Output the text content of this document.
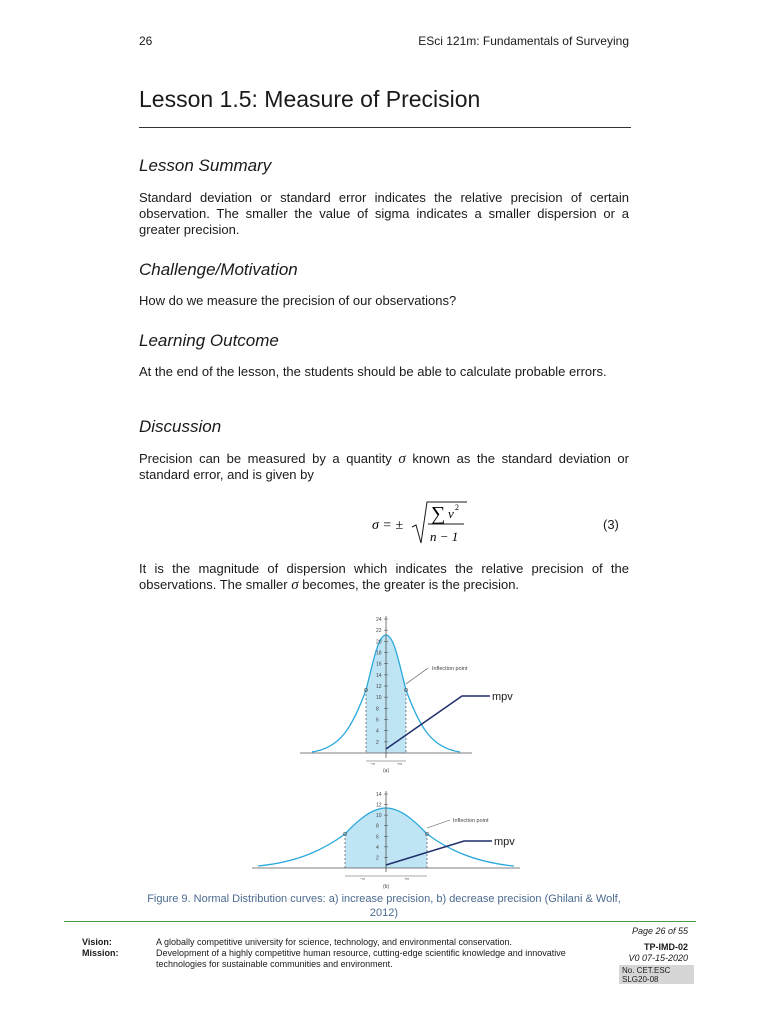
26	ESci 121m: Fundamentals of Surveying
Lesson 1.5: Measure of Precision
Lesson Summary
Standard deviation or standard error indicates the relative precision of certain observation. The smaller the value of sigma indicates a smaller dispersion or a greater precision.
Challenge/Motivation
How do we measure the precision of our observations?
Learning Outcome
At the end of the lesson, the students should be able to calculate probable errors.
Discussion
Precision can be measured by a quantity σ known as the standard deviation or standard error, and is given by
σ = ±
∑ v 2
n − 1
(3)
It is the magnitude of dispersion which indicates the relative precision of the observations. The smaller σ becomes, the greater is the precision.
24
22
20
18
16
14
12
10
8
6
4
2
Inflection point
mpv
−σ	+σ
(a)
14
12
10
8
6
4
2
Inflection point
mpv
−σ	+σ
(b)
Figure 9. Normal Distribution curves: a) increase precision, b) decrease precision (Ghilani & Wolf, 2012)
Page 26 of 55
Vision:	A globally competitive university for science, technology, and environmental conservation.
Mission:	Development of a highly competitive human resource, cutting-edge scientific knowledge and innovative technologies for sustainable communities and environment.
TP-IMD-02
V0 07-15-2020
No. CET.ESC
SLG20-08
